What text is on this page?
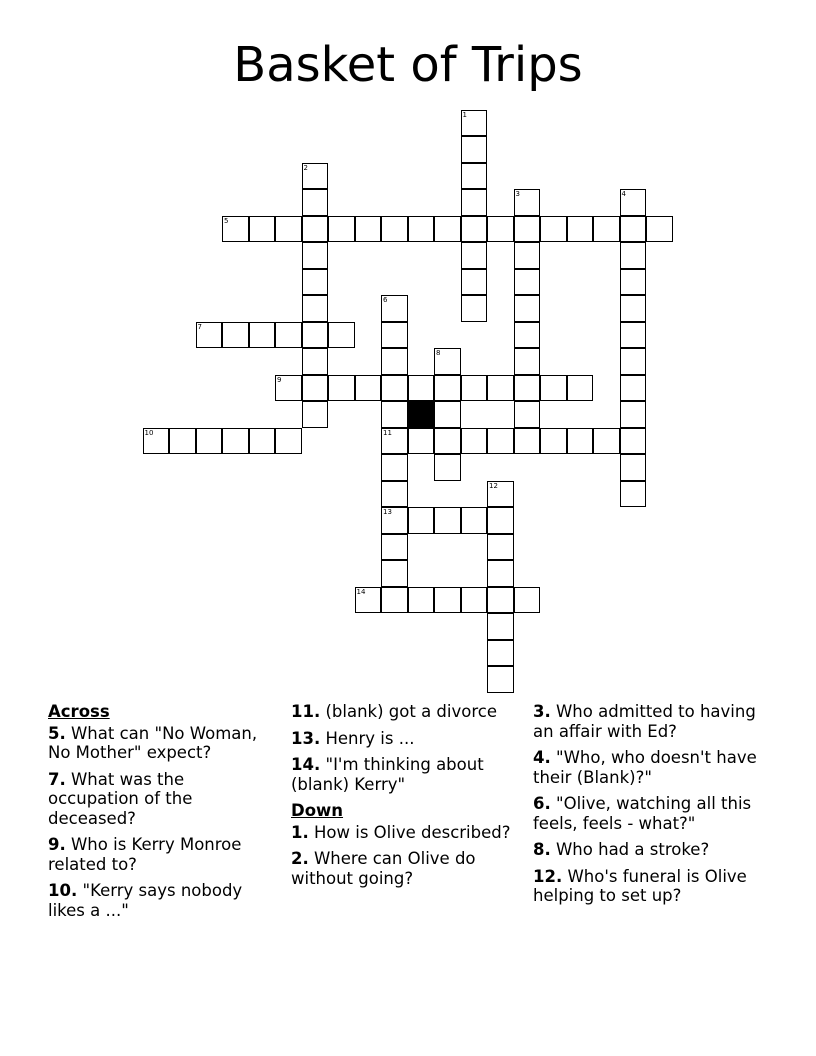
Basket of Trips
1
2
3	4
5
6
7
8
9
10	11
12
13
14
Across
5. What can "No Woman, No Mother" expect?
7. What was the occupation of the deceased?
9. Who is Kerry Monroe related to?
10. "Kerry says nobody likes a ..."
11. (blank) got a divorce
13. Henry is ...
14. "I'm thinking about (blank) Kerry"
Down
1. How is Olive described?
2. Where can Olive do without going?
3. Who admitted to having an affair with Ed?
4. "Who, who doesn't have their (Blank)?"
6. "Olive, watching all this feels, feels - what?"
8. Who had a stroke?
12. Who's funeral is Olive helping to set up?
